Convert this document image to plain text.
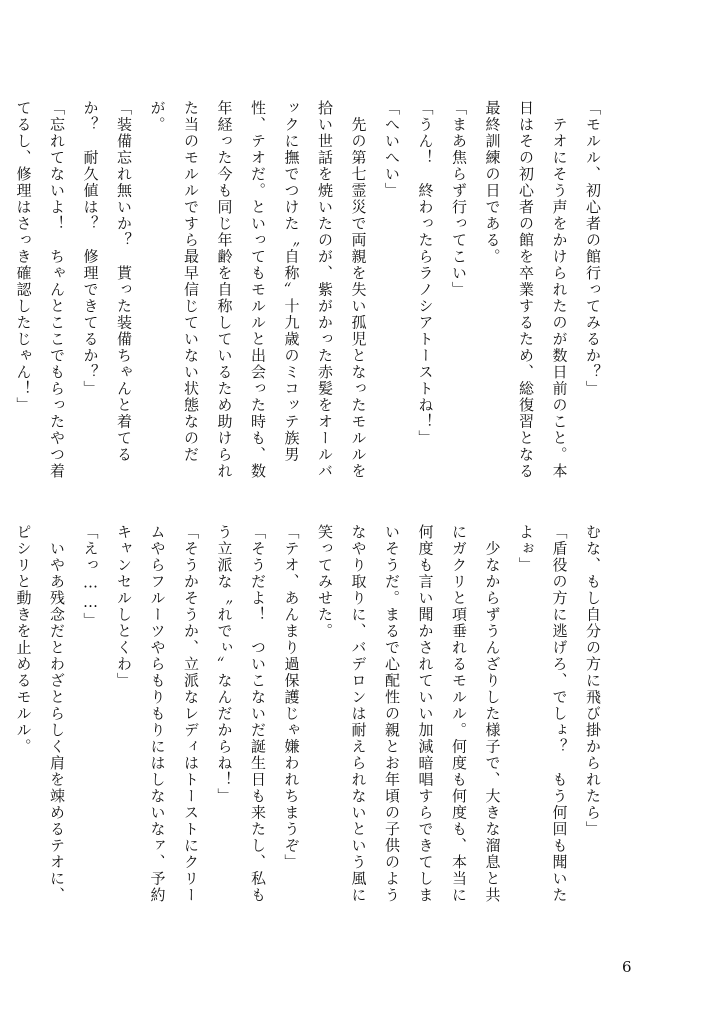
「モルル、初心者の館行ってみるか？」
　テオにそう声をかけられたのが数日前のこと。本日はその初心者の館を卒業するため、総復習となる最終訓練の日である。
「まあ焦らず行ってこい」
「うん！　終わったらラノシアトーストね！」
「へいへい」
　先の第七霊災で両親を失い孤児となったモルルを拾い世話を焼いたのが、紫がかった赤髪をオールバックに撫でつけた〝自称〟十九歳のミコッテ族男性、テオだ。といってもモルルと出会った時も、数年経った今も同じ年齢を自称しているため助けられた当のモルルですら最早信じていない状態なのだが。
「装備忘れ無いか？　貰った装備ちゃんと着てるか？　耐久値は？　修理できてるか？」
「忘れてないよ！　ちゃんとここでもらったやつ着てるし、修理はさっき確認したじゃん！」
むな、もし自分の方に飛び掛かられたら」
「盾役の方に逃げろ、でしょ？　もう何回も聞いたよぉ」
　少なからずうんざりした様子で、大きな溜息と共にガクリと項垂れるモルル。何度も何度も、本当に何度も言い聞かされていい加減暗唱すらできてしまいそうだ。まるで心配性の親とお年頃の子供のようなやり取りに、バデロンは耐えられないという風に笑ってみせた。
「テオ、あんまり過保護じゃ嫌われちまうぞ」
「そうだよ！　ついこないだ誕生日も来たし、私もう立派な〝れでぃ〟なんだからね！」
「そうかそうか、立派なレディはトーストにクリームやらフルーツやらもりもりにはしないなァ、予約キャンセルしとくわ」
「えっ……」
　いやあ残念だとわざとらしく肩を竦めるテオに、ピシリと動きを止めるモルル。
6
